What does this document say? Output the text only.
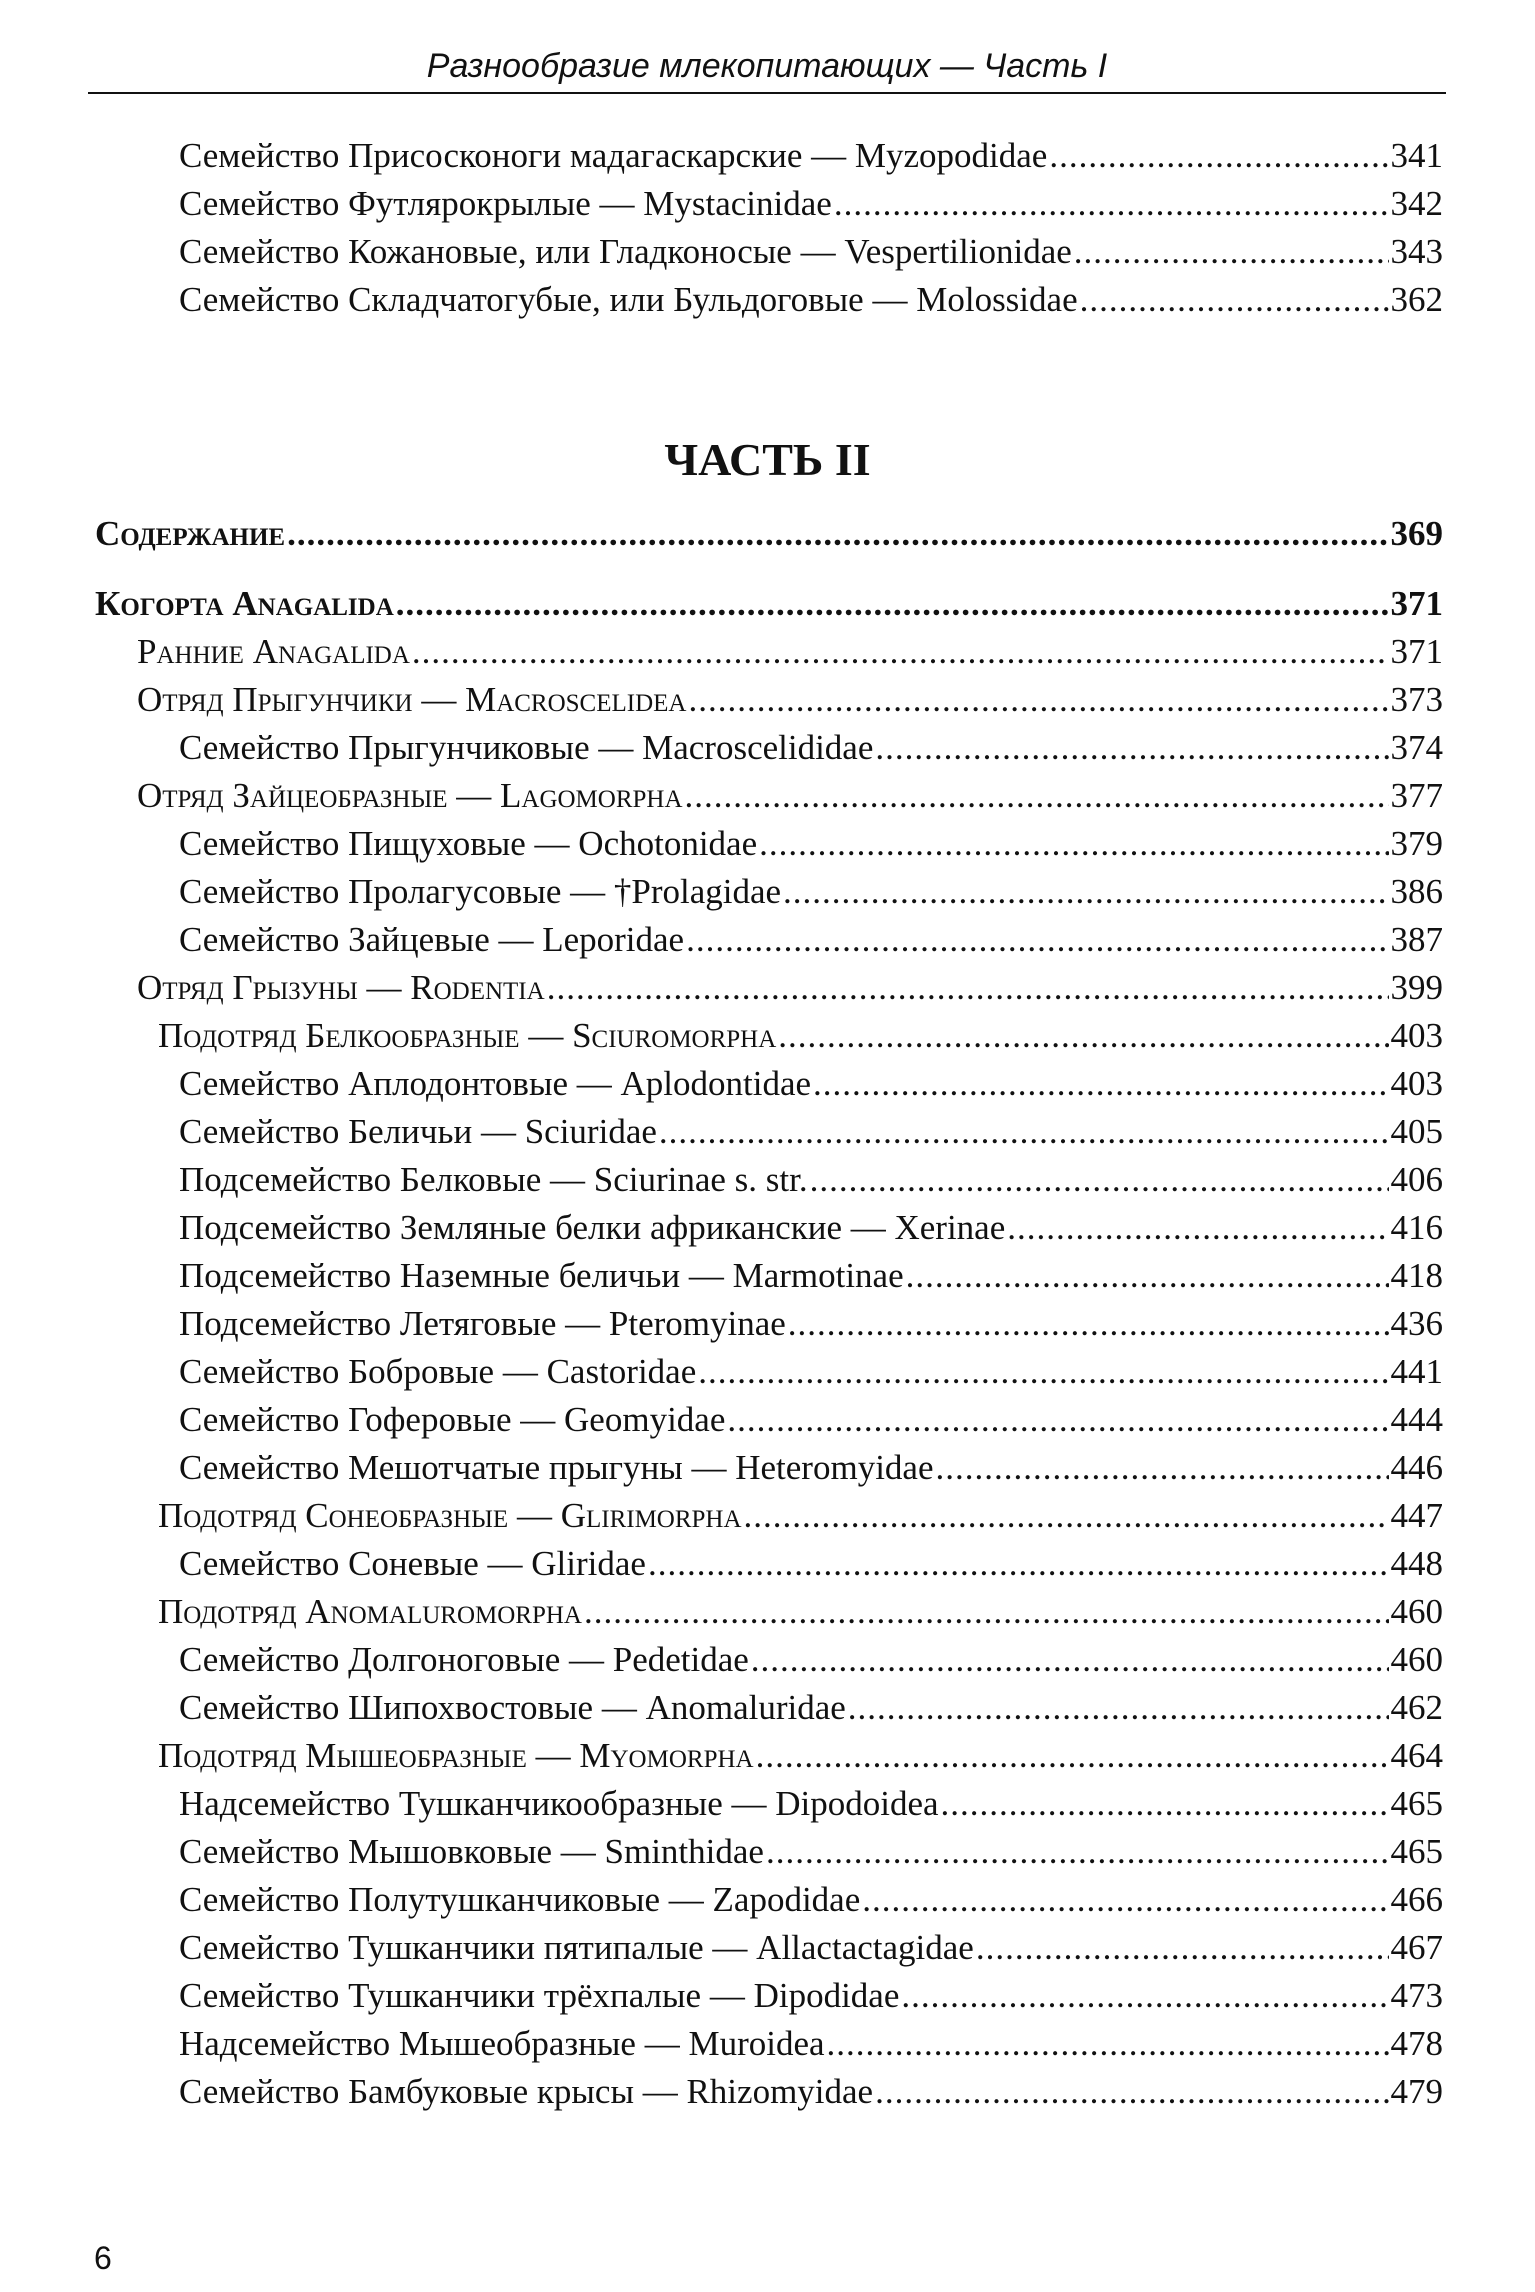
Разнообразие млекопитающих — Часть I
Семейство Присосконоги мадагаскарские — Myzopodidae .....	341
Семейство Футлярокрылые — Mystacinidae .....	342
Семейство Кожановые, или Гладконосые — Vespertilionidae .....	343
Семейство Складчатогубые, или Бульдоговые — Molossidae .....	362
ЧАСТЬ II
Содержание .....	369
Когорта Anagalida .....	371
Ранние Anagalida .....	371
Отряд Прыгунчики — Macroscelidea .....	373
Семейство Прыгунчиковые — Macroscelididae .....	374
Отряд Зайцеобразные — Lagomorpha .....	377
Семейство Пищуховые — Ochotonidae .....	379
Семейство Пролагусовые — †Prolagidae .....	386
Семейство Зайцевые — Leporidae .....	387
Отряд Грызуны — Rodentia .....	399
Подотряд Белкообразные — Sciuromorpha .....	403
Семейство Аплодонтовые — Aplodontidae .....	403
Семейство Беличьи — Sciuridae .....	405
Подсемейство Белковые — Sciurinae s. str. .....	406
Подсемейство Земляные белки африканские — Xerinae .....	416
Подсемейство Наземные беличьи — Marmotinae .....	418
Подсемейство Летяговые — Pteromyinae .....	436
Семейство Бобровые — Castoridae .....	441
Семейство Гоферовые — Geomyidae .....	444
Семейство Мешотчатые прыгуны — Heteromyidae .....	446
Подотряд Сонеобразные — Glirimorpha .....	447
Семейство Соневые — Gliridae .....	448
Подотряд Anomaluromorpha .....	460
Семейство Долгоноговые — Pedetidae .....	460
Семейство Шипохвостовые — Anomaluridae .....	462
Подотряд Мышеобразные — Myomorpha .....	464
Надсемейство Тушканчикообразные — Dipodoidea .....	465
Семейство Мышовковые — Sminthidae .....	465
Семейство Полутушканчиковые — Zapodidae .....	466
Семейство Тушканчики пятипалые — Allactactagidae .....	467
Семейство Тушканчики трёхпалые — Dipodidae .....	473
Надсемейство Мышеобразные — Muroidea .....	478
Семейство Бамбуковые крысы — Rhizomyidae .....	479
6
